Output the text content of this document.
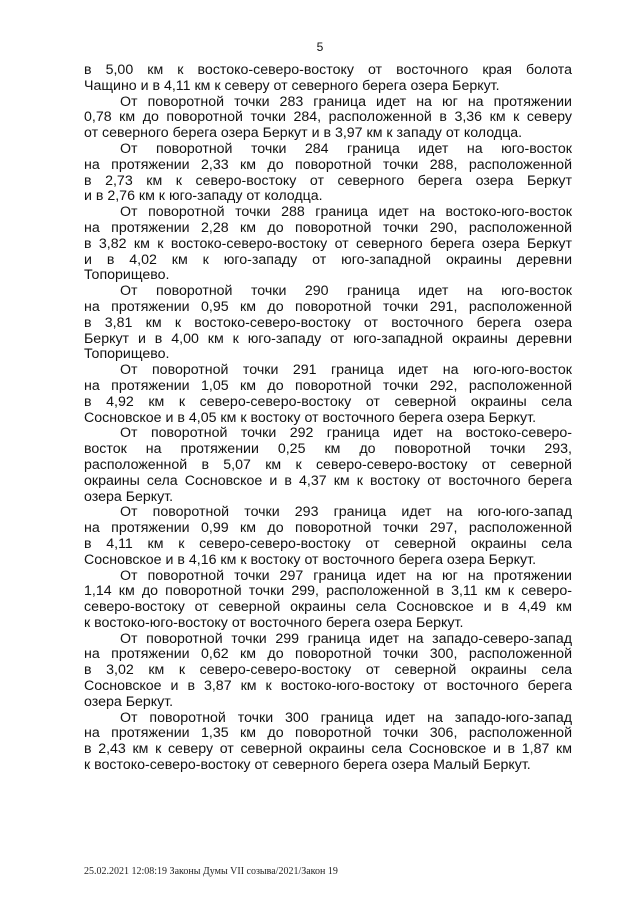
5
в 5,00 км к востоко-северо-востоку от восточного края болота
Чащино и в 4,11 км к северу от северного берега озера Беркут.
От поворотной точки 283 граница идет на юг на протяжении
0,78 км до поворотной точки 284, расположенной в 3,36 км к северу
от северного берега озера Беркут и в 3,97 км к западу от колодца.
От поворотной точки 284 граница идет на юго-восток
на протяжении 2,33 км до поворотной точки 288, расположенной
в 2,73 км к северо-востоку от северного берега озера Беркут
и в 2,76 км к юго-западу от колодца.
От поворотной точки 288 граница идет на востоко-юго-восток
на протяжении 2,28 км до поворотной точки 290, расположенной
в 3,82 км к востоко-северо-востоку от северного берега озера Беркут
и в 4,02 км к юго-западу от юго-западной окраины деревни
Топорищево.
От поворотной точки 290 граница идет на юго-восток
на протяжении 0,95 км до поворотной точки 291, расположенной
в 3,81 км к востоко-северо-востоку от восточного берега озера
Беркут и в 4,00 км к юго-западу от юго-западной окраины деревни
Топорищево.
От поворотной точки 291 граница идет на юго-юго-восток
на протяжении 1,05 км до поворотной точки 292, расположенной
в 4,92 км к северо-северо-востоку от северной окраины села
Сосновское и в 4,05 км к востоку от восточного берега озера Беркут.
От поворотной точки 292 граница идет на востоко-северо-
восток на протяжении 0,25 км до поворотной точки 293,
расположенной в 5,07 км к северо-северо-востоку от северной
окраины села Сосновское и в 4,37 км к востоку от восточного берега
озера Беркут.
От поворотной точки 293 граница идет на юго-юго-запад
на протяжении 0,99 км до поворотной точки 297, расположенной
в 4,11 км к северо-северо-востоку от северной окраины села
Сосновское и в 4,16 км к востоку от восточного берега озера Беркут.
От поворотной точки 297 граница идет на юг на протяжении
1,14 км до поворотной точки 299, расположенной в 3,11 км к северо-
северо-востоку от северной окраины села Сосновское и в 4,49 км
к востоко-юго-востоку от восточного берега озера Беркут.
От поворотной точки 299 граница идет на западо-северо-запад
на протяжении 0,62 км до поворотной точки 300, расположенной
в 3,02 км к северо-северо-востоку от северной окраины села
Сосновское и в 3,87 км к востоко-юго-востоку от восточного берега
озера Беркут.
От поворотной точки 300 граница идет на западо-юго-запад
на протяжении 1,35 км до поворотной точки 306, расположенной
в 2,43 км к северу от северной окраины села Сосновское и в 1,87 км
к востоко-северо-востоку от северного берега озера Малый Беркут.
25.02.2021 12:08:19 Законы Думы VII созыва/2021/Закон 19
